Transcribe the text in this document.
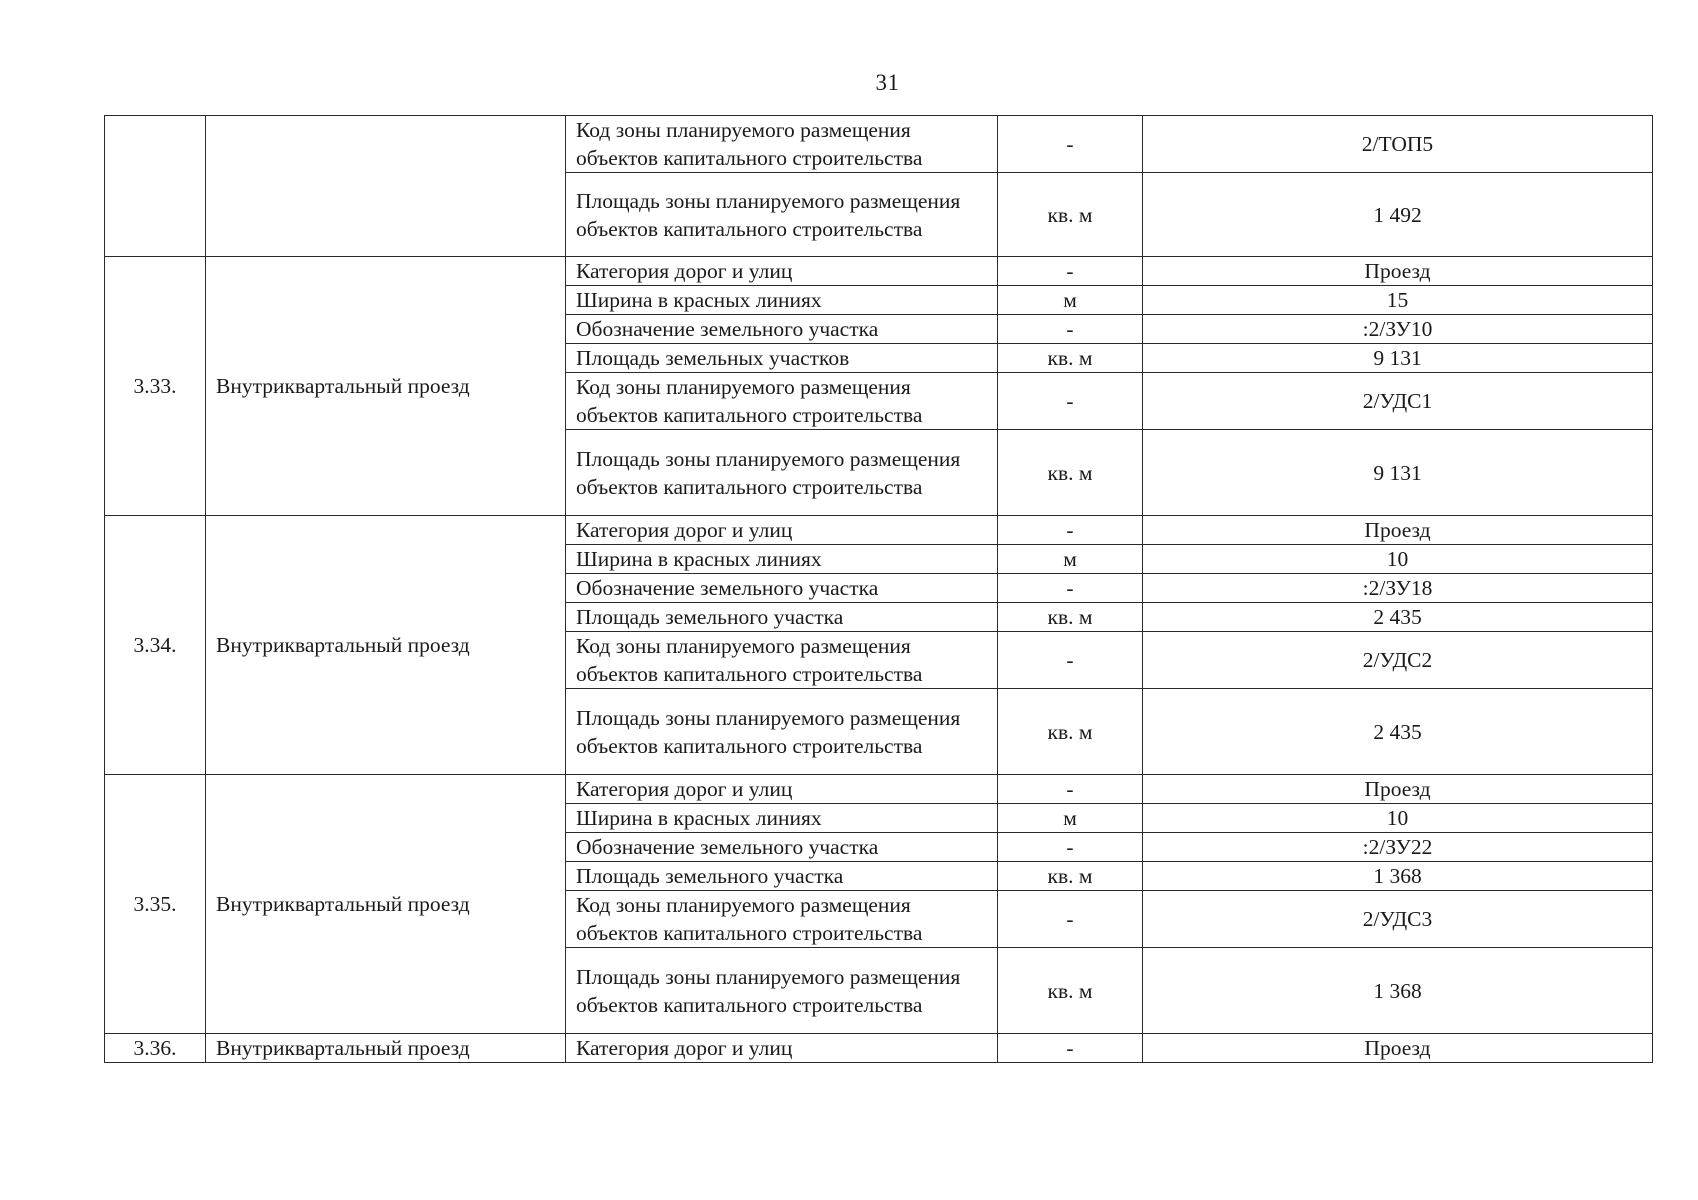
31
		Код зоны планируемого размещения объектов капитального строительства	-	2/ТОП5
		Площадь зоны планируемого размещения объектов капитального строительства	кв. м	1 492
3.33.	Внутриквартальный проезд	Категория дорог и улиц	-	Проезд
		Ширина в красных линиях	м	15
		Обозначение земельного участка	-	:2/ЗУ10
		Площадь земельных участков	кв. м	9 131
		Код зоны планируемого размещения объектов капитального строительства	-	2/УДС1
		Площадь зоны планируемого размещения объектов капитального строительства	кв. м	9 131
3.34.	Внутриквартальный проезд	Категория дорог и улиц	-	Проезд
		Ширина в красных линиях	м	10
		Обозначение земельного участка	-	:2/ЗУ18
		Площадь земельного участка	кв. м	2 435
		Код зоны планируемого размещения объектов капитального строительства	-	2/УДС2
		Площадь зоны планируемого размещения объектов капитального строительства	кв. м	2 435
3.35.	Внутриквартальный проезд	Категория дорог и улиц	-	Проезд
		Ширина в красных линиях	м	10
		Обозначение земельного участка	-	:2/ЗУ22
		Площадь земельного участка	кв. м	1 368
		Код зоны планируемого размещения объектов капитального строительства	-	2/УДС3
		Площадь зоны планируемого размещения объектов капитального строительства	кв. м	1 368
3.36.	Внутриквартальный проезд	Категория дорог и улиц	-	Проезд
